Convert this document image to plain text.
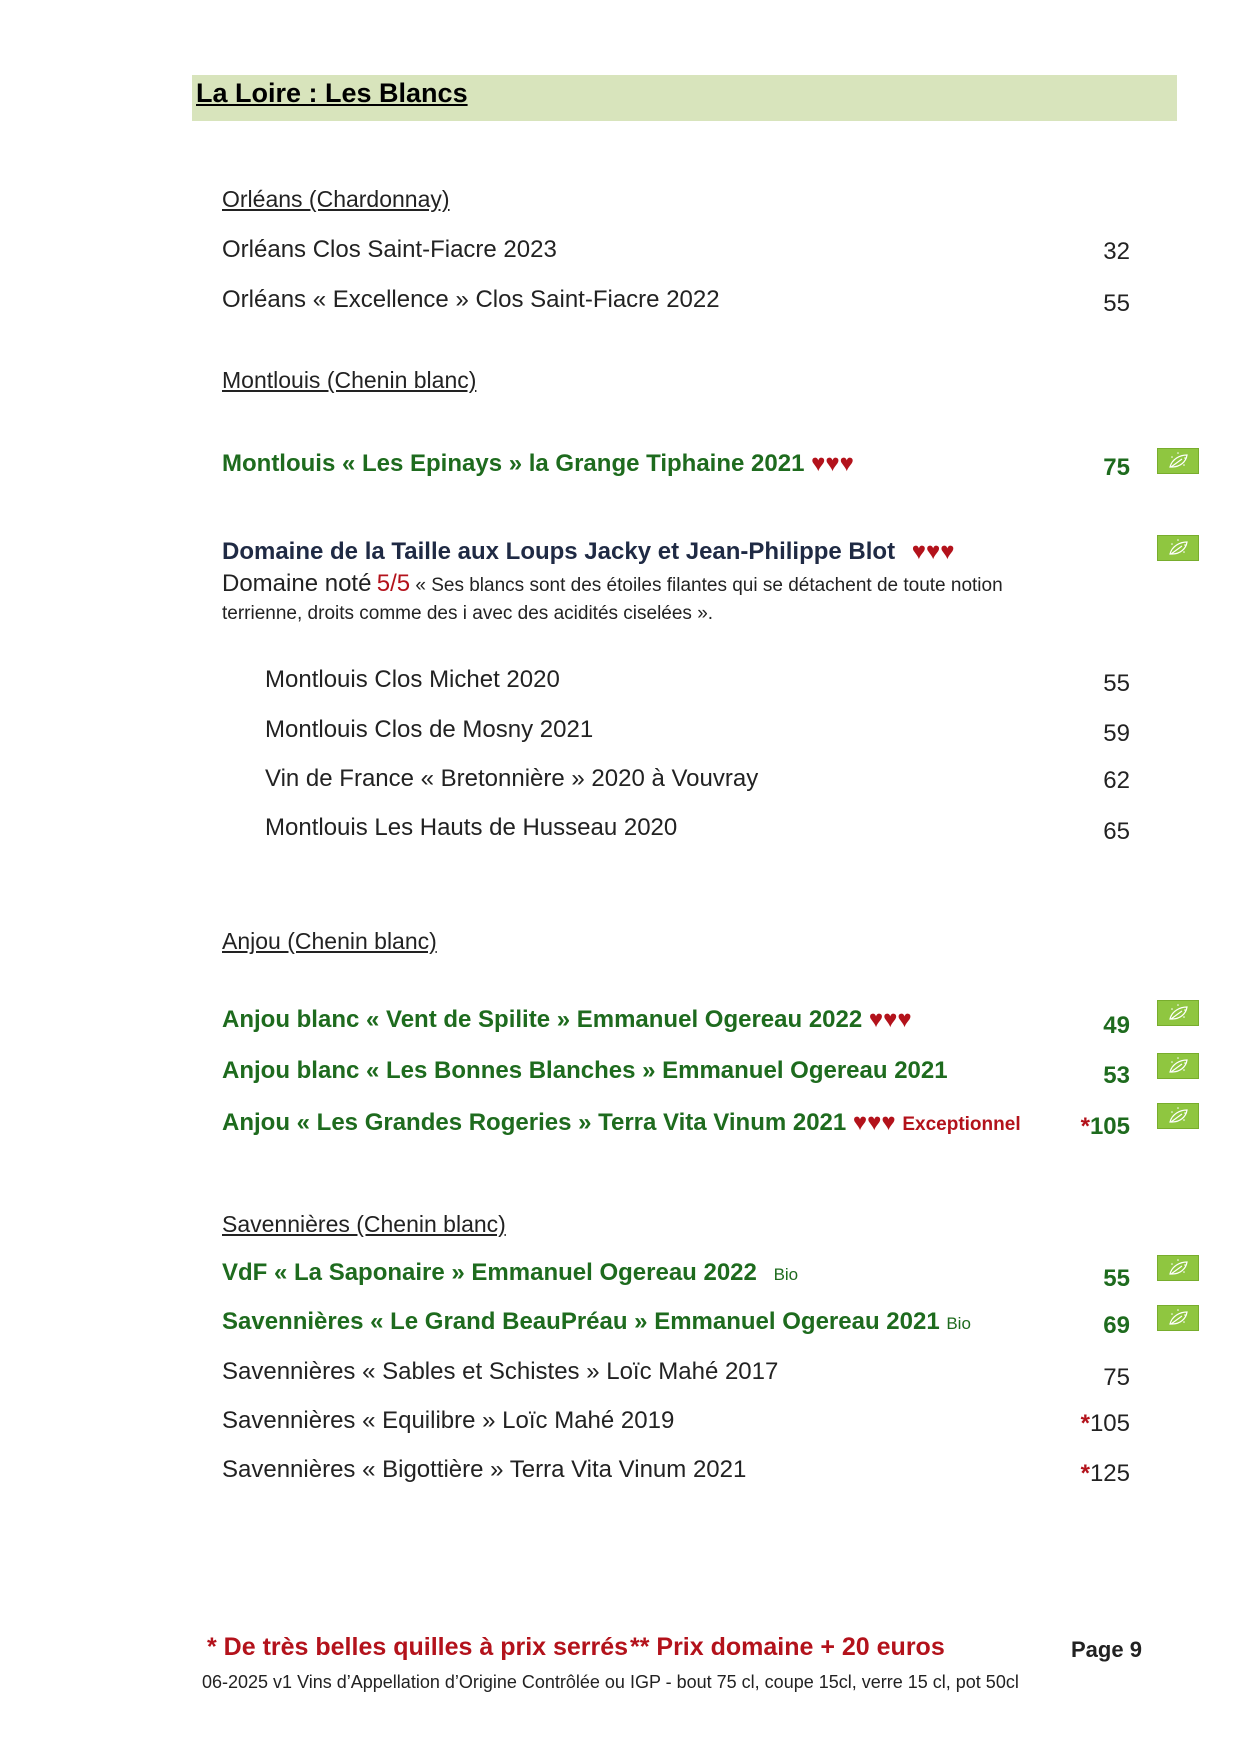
La Loire : Les Blancs
Orléans (Chardonnay)
Orléans Clos Saint-Fiacre 2023	32
Orléans « Excellence » Clos Saint-Fiacre 2022	55
Montlouis (Chenin blanc)
Montlouis « Les Epinays » la Grange Tiphaine 2021 ♥♥♥	75
Domaine de la Taille aux Loups Jacky et Jean-Philippe Blot ♥♥♥
Domaine noté 5/5 « Ses blancs sont des étoiles filantes qui se détachent de toute notion
terrienne, droits comme des i avec des acidités ciselées ».
Montlouis Clos Michet 2020	55
Montlouis Clos de Mosny 2021	59
Vin de France « Bretonnière » 2020 à Vouvray	62
Montlouis Les Hauts de Husseau 2020	65
Anjou (Chenin blanc)
Anjou blanc « Vent de Spilite » Emmanuel Ogereau 2022 ♥♥♥	49
Anjou blanc « Les Bonnes Blanches » Emmanuel Ogereau 2021	53
Anjou « Les Grandes Rogeries » Terra Vita Vinum 2021 ♥♥♥ Exceptionnel	*105
Savennières (Chenin blanc)
VdF « La Saponaire » Emmanuel Ogereau 2022 Bio	55
Savennières « Le Grand BeauPréau » Emmanuel Ogereau 2021 Bio	69
Savennières « Sables et Schistes » Loïc Mahé 2017	75
Savennières « Equilibre » Loïc Mahé 2019	*105
Savennières « Bigottière » Terra Vita Vinum 2021	*125
* De très belles quilles à prix serrés ** Prix domaine + 20 euros	Page 9
06-2025 v1 Vins d’Appellation d’Origine Contrôlée ou IGP - bout 75 cl, coupe 15cl, verre 15 cl, pot 50cl
